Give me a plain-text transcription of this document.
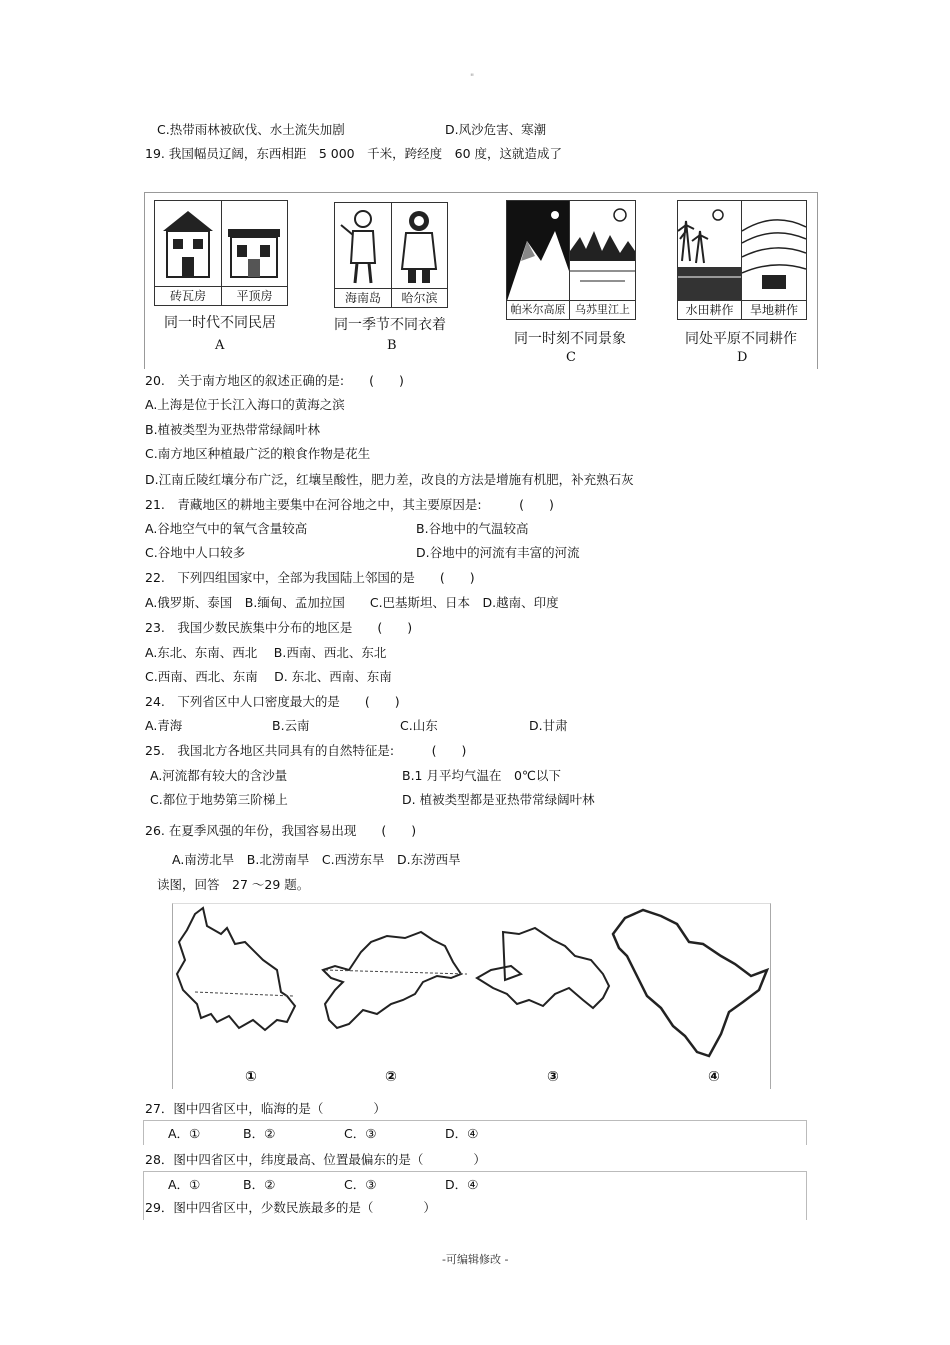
"
C.热带雨林被砍伐、水土流失加剧	D.风沙危害、寒潮
19. 我国幅员辽阔，东西相距　5 000　千米，跨经度　60 度，这就造成了
砖瓦房	平顶房
同一时代不同民居
A
海南岛	哈尔滨
同一季节不同衣着
B
帕米尔高原 乌苏里江上
同一时刻不同景象
C
水田耕作	旱地耕作
同处平原不同耕作
D
20.　关于南方地区的叙述正确的是:　　(　　)
A.上海是位于长江入海口的黄海之滨
B.植被类型为亚热带常绿阔叶林
C.南方地区种植最广泛的粮食作物是花生
D.江南丘陵红壤分布广泛，红壤呈酸性，肥力差，改良的方法是增施有机肥，补充熟石灰
21.　青藏地区的耕地主要集中在河谷地之中，其主要原因是:　　　(　　)
A.谷地空气中的氧气含量较高	B.谷地中的气温较高
C.谷地中人口较多	D.谷地中的河流有丰富的河流
22.　下列四组国家中，全部为我国陆上邻国的是　　(　　)
A.俄罗斯、泰国　B.缅甸、孟加拉国　　C.巴基斯坦、日本　D.越南、印度
23.　我国少数民族集中分布的地区是　　(　　)
A.东北、东南、西北　 B.西南、西北、东北
C.西南、西北、东南　 D. 东北、西南、东南
24.　下列省区中人口密度最大的是　　(　　)
A.青海	B.云南	C.山东	D.甘肃
25.　我国北方各地区共同具有的自然特征是:　　　(　　)
A.河流都有较大的含沙量	B.1 月平均气温在　0℃以下
C.都位于地势第三阶梯上	D. 植被类型都是亚热带常绿阔叶林
26. 在夏季风强的年份，我国容易出现　　(　　)
A.南涝北旱　B.北涝南旱　C.西涝东旱　D.东涝西旱
读图，回答　27 ～29 题。
①	②	③	④
27．图中四省区中，临海的是（　　　　）
A．①	B．②	C．③	D．④
28．图中四省区中，纬度最高、位置最偏东的是（　　　　）
A．①	B．②	C．③	D．④
29．图中四省区中，少数民族最多的是（　　　　）
-可编辑修改 -
